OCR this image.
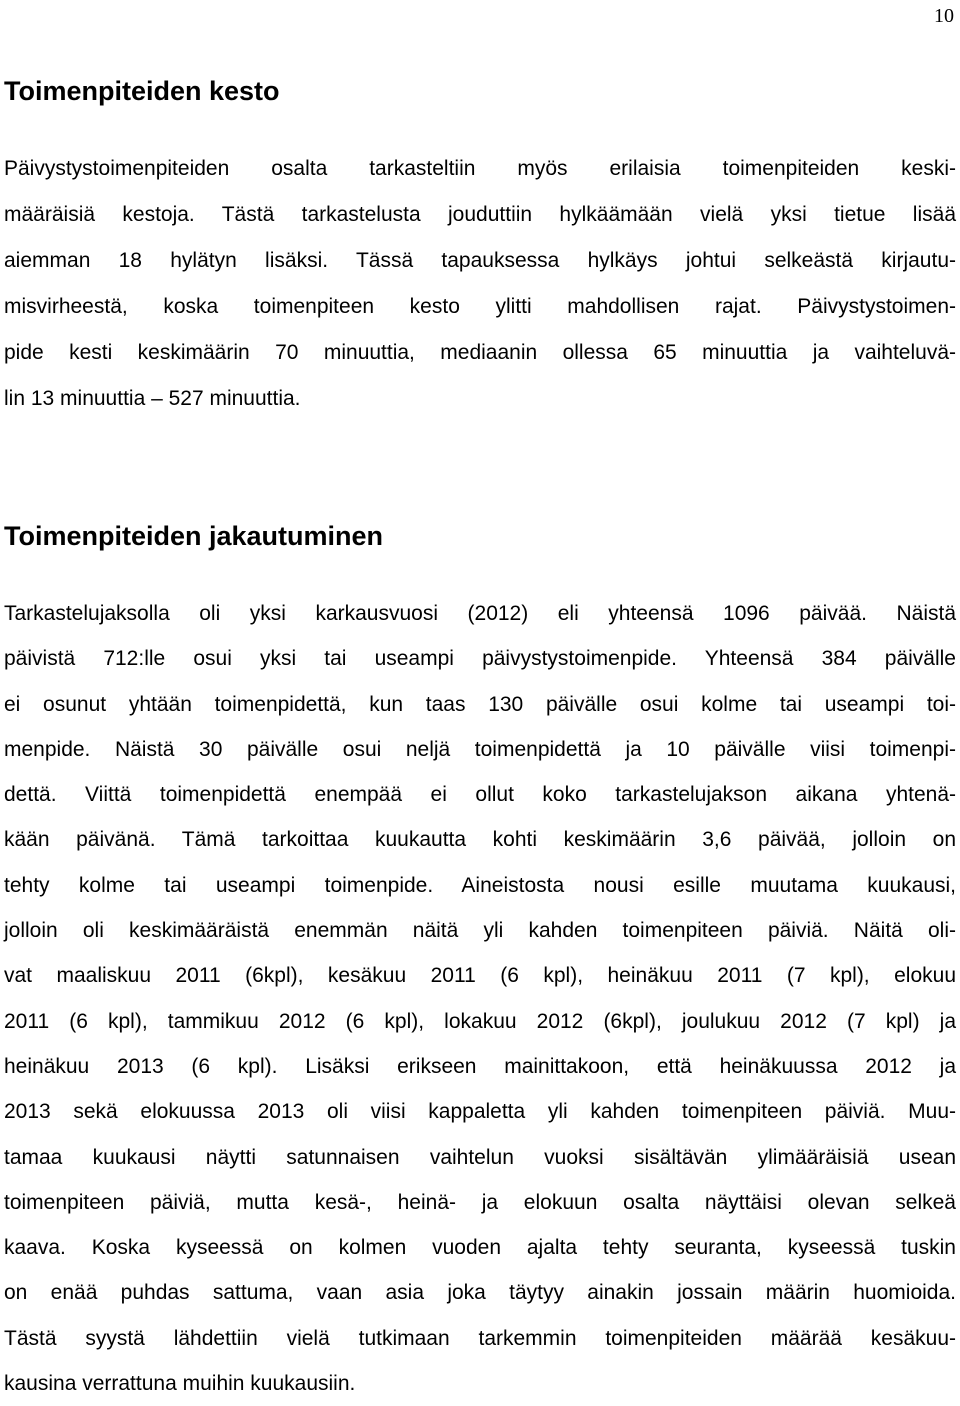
10
Toimenpiteiden kesto
Päivystystoimenpiteiden osalta tarkasteltiin myös erilaisia toimenpiteiden keski-
määräisiä kestoja. Tästä tarkastelusta jouduttiin hylkäämään vielä yksi tietue lisää
aiemman 18 hylätyn lisäksi. Tässä tapauksessa hylkäys johtui selkeästä kirjautu-
misvirheestä, koska toimenpiteen kesto ylitti mahdollisen rajat. Päivystystoimen-
pide kesti keskimäärin 70 minuuttia, mediaanin ollessa 65 minuuttia ja vaihteluvä-
lin 13 minuuttia – 527 minuuttia.
Toimenpiteiden jakautuminen
Tarkastelujaksolla oli yksi karkausvuosi (2012) eli yhteensä 1096 päivää. Näistä
päivistä 712:lle osui yksi tai useampi päivystystoimenpide. Yhteensä 384 päivälle
ei osunut yhtään toimenpidettä, kun taas 130 päivälle osui kolme tai useampi toi-
menpide. Näistä 30 päivälle osui neljä toimenpidettä ja 10 päivälle viisi toimenpi-
dettä. Viittä toimenpidettä enempää ei ollut koko tarkastelujakson aikana yhtenä-
kään päivänä. Tämä tarkoittaa kuukautta kohti keskimäärin 3,6 päivää, jolloin on
tehty kolme tai useampi toimenpide. Aineistosta nousi esille muutama kuukausi,
jolloin oli keskimääräistä enemmän näitä yli kahden toimenpiteen päiviä. Näitä oli-
vat maaliskuu 2011 (6kpl), kesäkuu 2011 (6 kpl), heinäkuu 2011 (7 kpl), elokuu
2011 (6 kpl), tammikuu 2012 (6 kpl), lokakuu 2012 (6kpl), joulukuu 2012 (7 kpl) ja
heinäkuu 2013 (6 kpl). Lisäksi erikseen mainittakoon, että heinäkuussa 2012 ja
2013 sekä elokuussa 2013 oli viisi kappaletta yli kahden toimenpiteen päiviä. Muu-
tamaa kuukausi näytti satunnaisen vaihtelun vuoksi sisältävän ylimääräisiä usean
toimenpiteen päiviä, mutta kesä-, heinä- ja elokuun osalta näyttäisi olevan selkeä
kaava. Koska kyseessä on kolmen vuoden ajalta tehty seuranta, kyseessä tuskin
on enää puhdas sattuma, vaan asia joka täytyy ainakin jossain määrin huomioida.
Tästä syystä lähdettiin vielä tutkimaan tarkemmin toimenpiteiden määrää kesäkuu-
kausina verrattuna muihin kuukausiin.
